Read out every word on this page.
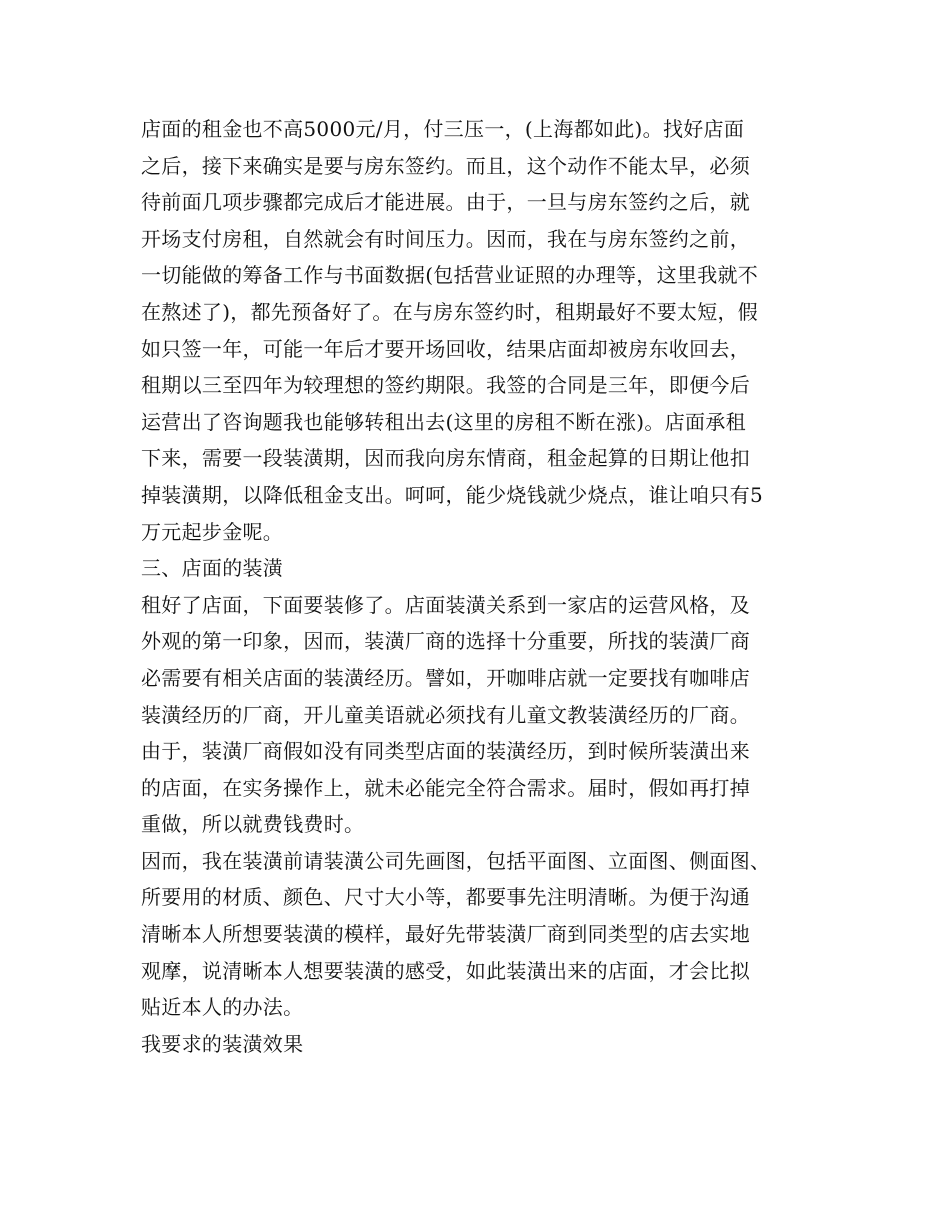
店面的租金也不高5000元/月，付三压一，(上海都如此)。找好店面
之后，接下来确实是要与房东签约。而且，这个动作不能太早，必须
待前面几项步骤都完成后才能进展。由于，一旦与房东签约之后，就
开场支付房租，自然就会有时间压力。因而，我在与房东签约之前，
一切能做的筹备工作与书面数据(包括营业证照的办理等，这里我就不
在熬述了)，都先预备好了。在与房东签约时，租期最好不要太短，假
如只签一年，可能一年后才要开场回收，结果店面却被房东收回去，
租期以三至四年为较理想的签约期限。我签的合同是三年，即便今后
运营出了咨询题我也能够转租出去(这里的房租不断在涨)。店面承租
下来，需要一段装潢期，因而我向房东情商，租金起算的日期让他扣
掉装潢期，以降低租金支出。呵呵，能少烧钱就少烧点，谁让咱只有5
万元起步金呢。
三、店面的装潢
租好了店面，下面要装修了。店面装潢关系到一家店的运营风格，及
外观的第一印象，因而，装潢厂商的选择十分重要，所找的装潢厂商
必需要有相关店面的装潢经历。譬如，开咖啡店就一定要找有咖啡店
装潢经历的厂商，开儿童美语就必须找有儿童文教装潢经历的厂商。
由于，装潢厂商假如没有同类型店面的装潢经历，到时候所装潢出来
的店面，在实务操作上，就未必能完全符合需求。届时，假如再打掉
重做，所以就费钱费时。
因而，我在装潢前请装潢公司先画图，包括平面图、立面图、侧面图、
所要用的材质、颜色、尺寸大小等，都要事先注明清晰。为便于沟通
清晰本人所想要装潢的模样，最好先带装潢厂商到同类型的店去实地
观摩，说清晰本人想要装潢的感受，如此装潢出来的店面，才会比拟
贴近本人的办法。
我要求的装潢效果
